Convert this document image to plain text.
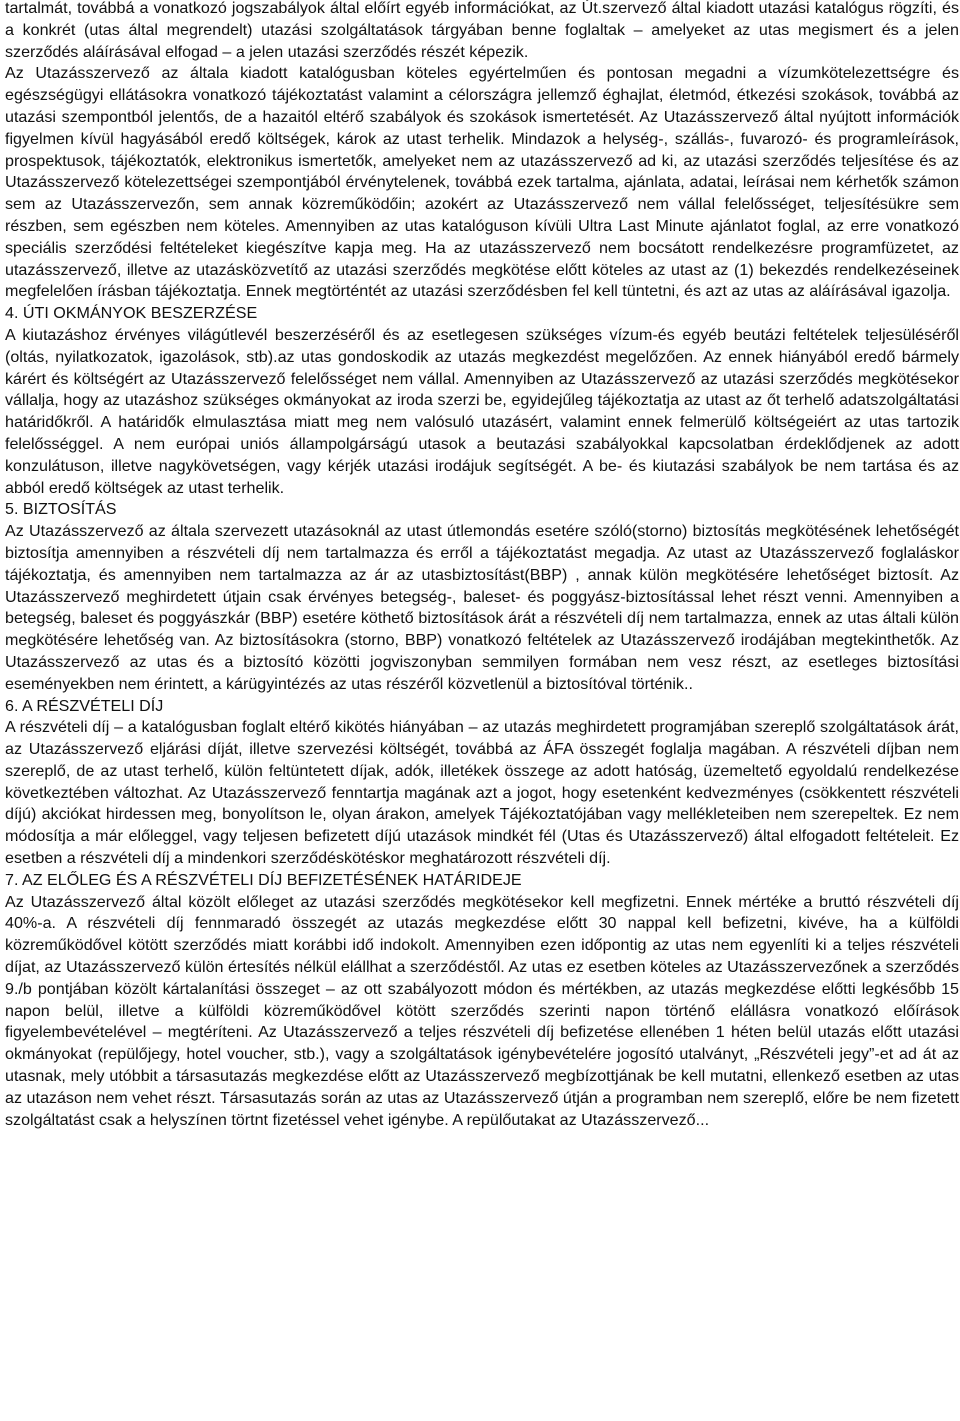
tartalmát, továbbá a vonatkozó jogszabályok által előírt egyéb információkat, az Út.szervező által kiadott utazási katalógus rögzíti, és a konkrét (utas által megrendelt) utazási szolgáltatások tárgyában benne foglaltak – amelyeket az utas megismert és a jelen szerződés aláírásával elfogad – a jelen utazási szerződés részét képezik.

Az Utazásszervező az általa kiadott katalógusban köteles egyértelműen és pontosan megadni a vízumkötelezettségre és egészségügyi ellátásokra vonatkozó tájékoztatást valamint a célországra jellemző éghajlat, életmód, étkezési szokások, továbbá az utazási szempontból jelentős, de a hazaitól eltérő szabályok és szokások ismertetését. Az Utazásszervező által nyújtott információk figyelmen kívül hagyásából eredő költségek, károk az utast terhelik. Mindazok a helység-, szállás-, fuvarozó- és programleírások, prospektusok, tájékoztatók, elektronikus ismertetők, amelyeket nem az utazásszervező ad ki, az utazási szerződés teljesítése és az Utazásszervező kötelezettségei szempontjából érvénytelenek, továbbá ezek tartalma, ajánlata, adatai, leírásai nem kérhetők számon sem az Utazásszervezőn, sem annak közreműködőin; azokért az Utazásszervező nem vállal felelősséget, teljesítésükre sem részben, sem egészben nem köteles. Amennyiben az utas katalóguson kívüli Ultra Last Minute ajánlatot foglal, az erre vonatkozó speciális szerződési feltételeket kiegészítve kapja meg. Ha az utazásszervező nem bocsátott rendelkezésre programfüzetet, az utazásszervező, illetve az utazásközvetítő az utazási szerződés megkötése előtt köteles az utast az (1) bekezdés rendelkezéseinek megfelelően írásban tájékoztatja. Ennek megtörténtét az utazási szerződésben fel kell tüntetni, és azt az utas az aláírásával igazolja.

4. ÚTI OKMÁNYOK BESZERZÉSE

A kiutazáshoz érvényes világútlevél beszerzéséről és az esetlegesen szükséges vízum-és egyéb beutázi feltételek teljesüléséről (oltás, nyilatkozatok, igazolások, stb).az utas gondoskodik az utazás megkezdést megelőzően. Az ennek hiányából eredő bármely kárért és költségért az Utazásszervező felelősséget nem vállal. Amennyiben az Utazásszervező az utazási szerződés megkötésekor vállalja, hogy az utazáshoz szükséges okmányokat az iroda szerzi be, egyidejűleg tájékoztatja az utast az őt terhelő adatszolgáltatási határidőkről. A határidők elmulasztása miatt meg nem valósuló utazásért, valamint ennek felmerülő költségeiért az utas tartozik felelősséggel. A nem európai uniós állampolgárságú utasok a beutazási szabályokkal kapcsolatban érdeklődjenek az adott konzulátuson, illetve nagykövetségen, vagy kérjék utazási irodájuk segítségét. A be- és kiutazási szabályok be nem tartása és az abból eredő költségek az utast terhelik.

5. BIZTOSÍTÁS

Az Utazásszervező az általa szervezett utazásoknál az utast útlemondás esetére szóló(storno) biztosítás megkötésének lehetőségét biztosítja amennyiben a részvételi díj nem tartalmazza és erről a tájékoztatást megadja. Az utast az Utazásszervező foglaláskor tájékoztatja, és amennyiben nem tartalmazza az ár az utasbiztosítást(BBP) , annak külön megkötésére lehetőséget biztosít. Az Utazásszervező meghirdetett útjain csak érvényes betegség-, baleset- és poggyász-biztosítással lehet részt venni. Amennyiben a betegség, baleset és poggyászkár (BBP) esetére köthető biztosítások árát a részvételi díj nem tartalmazza, ennek az utas általi külön megkötésére lehetőség van. Az biztosításokra (storno, BBP) vonatkozó feltételek az Utazásszervező irodájában megtekinthetők. Az Utazásszervező az utas és a biztosító közötti jogviszonyban semmilyen formában nem vesz részt, az esetleges biztosítási eseményekben nem érintett, a kárügyintézés az utas részéről közvetlenül a biztosítóval történik..

6. A RÉSZVÉTELI DÍJ

A részvételi díj – a katalógusban foglalt eltérő kikötés hiányában – az utazás meghirdetett programjában szereplő szolgáltatások árát, az Utazásszervező eljárási díját, illetve szervezési költségét, továbbá az ÁFA összegét foglalja magában. A részvételi díjban nem szereplő, de az utast terhelő, külön feltüntetett díjak, adók, illetékek összege az adott hatóság, üzemeltető egyoldalú rendelkezése következtében változhat. Az Utazásszervező fenntartja magának azt a jogot, hogy esetenként kedvezményes (csökkentett részvételi díjú) akciókat hirdessen meg, bonyolítson le, olyan árakon, amelyek Tájékoztatójában vagy mellékleteiben nem szerepeltek. Ez nem módosítja a már előleggel, vagy teljesen befizetett díjú utazások mindkét fél (Utas és Utazásszervező) által elfogadott feltételeit. Ez esetben a részvételi díj a mindenkori szerződéskötéskor meghatározott részvételi díj.

7. AZ ELŐLEG ÉS A RÉSZVÉTELI DÍJ BEFIZETÉSÉNEK HATÁRIDEJE

Az Utazásszervező által közölt előleget az utazási szerződés megkötésekor kell megfizetni. Ennek mértéke a bruttó részvételi díj 40%-a. A részvételi díj fennmaradó összegét az utazás megkezdése előtt 30 nappal kell befizetni, kivéve, ha a külföldi közreműködővel kötött szerződés miatt korábbi idő indokolt. Amennyiben ezen időpontig az utas nem egyenlíti ki a teljes részvételi díjat, az Utazásszervező külön értesítés nélkül elállhat a szerződéstől. Az utas ez esetben köteles az Utazásszervezőnek a szerződés 9./b pontjában közölt kártalanítási összeget – az ott szabályozott módon és mértékben, az utazás megkezdése előtti legkésőbb 15 napon belül, illetve a külföldi közreműködővel kötött szerződés szerinti napon történő elállásra vonatkozó előírások figyelembevételével – megtéríteni. Az Utazásszervező a teljes részvételi díj befizetése ellenében 1 héten belül utazás előtt utazási okmányokat (repülőjegy, hotel voucher, stb.), vagy a szolgáltatások igénybevételére jogosító utalványt, „Részvételi jegy”-et ad át az utasnak, mely utóbbit a társasutazás megkezdése előtt az Utazásszervező megbízottjának be kell mutatni, ellenkező esetben az utas az utazáson nem vehet részt. Társasutazás során az utas az Utazásszervező útján a programban nem szereplő, előre be nem fizetett szolgáltatást csak a helyszínen törtnt fizetéssel vehet igénybe. A repülőutakat az Utazásszervező...
